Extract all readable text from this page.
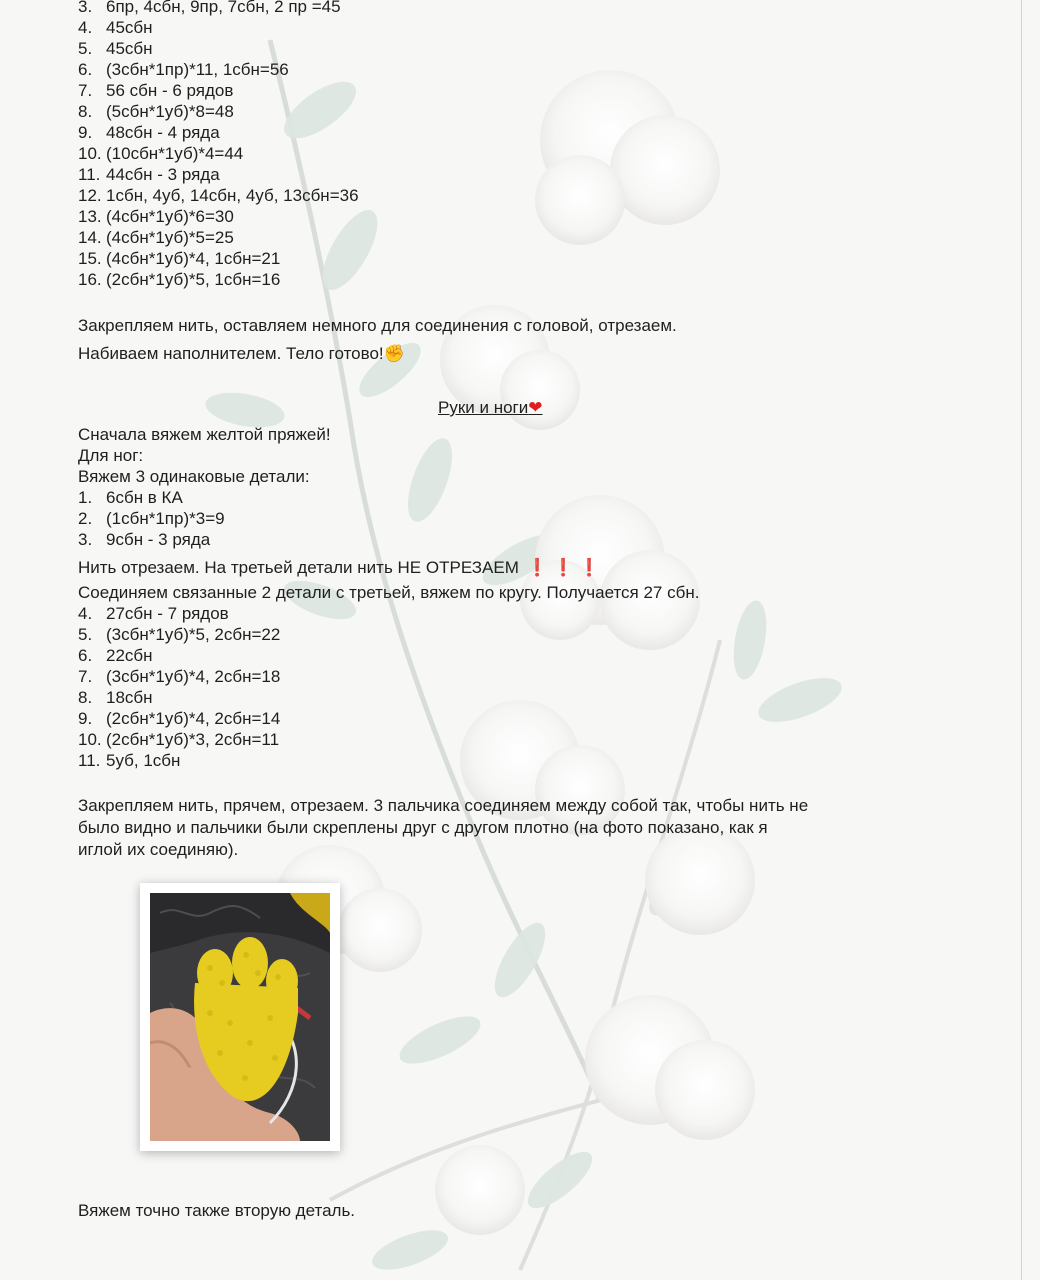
3. 6пр, 4сбн, 9пр, 7сбн, 2 пр =45
4. 45сбн
5. 45сбн
6. (3сбн*1пр)*11, 1сбн=56
7. 56 сбн - 6 рядов
8. (5сбн*1уб)*8=48
9. 48сбн - 4 ряда
10. (10сбн*1уб)*4=44
11. 44сбн - 3 ряда
12. 1сбн, 4уб, 14сбн, 4уб, 13сбн=36
13. (4сбн*1уб)*6=30
14. (4сбн*1уб)*5=25
15. (4сбн*1уб)*4, 1сбн=21
16. (2сбн*1уб)*5, 1сбн=16
Закрепляем нить, оставляем немного для соединения с головой, отрезаем.
Набиваем наполнителем. Тело готово!✊
Руки и ноги❤
Сначала вяжем желтой пряжей!
Для ног:
Вяжем 3 одинаковые детали:
1. 6сбн в КА
2. (1сбн*1пр)*3=9
3. 9сбн - 3 ряда
Нить отрезаем. На третьей детали нить НЕ ОТРЕЗАЕМ ❗ ❗ ❗
Соединяем связанные 2 детали с третьей, вяжем по кругу. Получается 27 сбн.
4. 27сбн - 7 рядов
5. (3сбн*1уб)*5, 2сбн=22
6. 22сбн
7. (3сбн*1уб)*4, 2сбн=18
8. 18сбн
9. (2сбн*1уб)*4, 2сбн=14
10. (2сбн*1уб)*3, 2сбн=11
11. 5уб, 1сбн
Закрепляем нить, прячем, отрезаем. 3 пальчика соединяем между собой так, чтобы нить не
было видно и пальчики были скреплены друг с другом плотно (на фото показано, как я
иглой их соединяю).
Вяжем точно также вторую деталь.
